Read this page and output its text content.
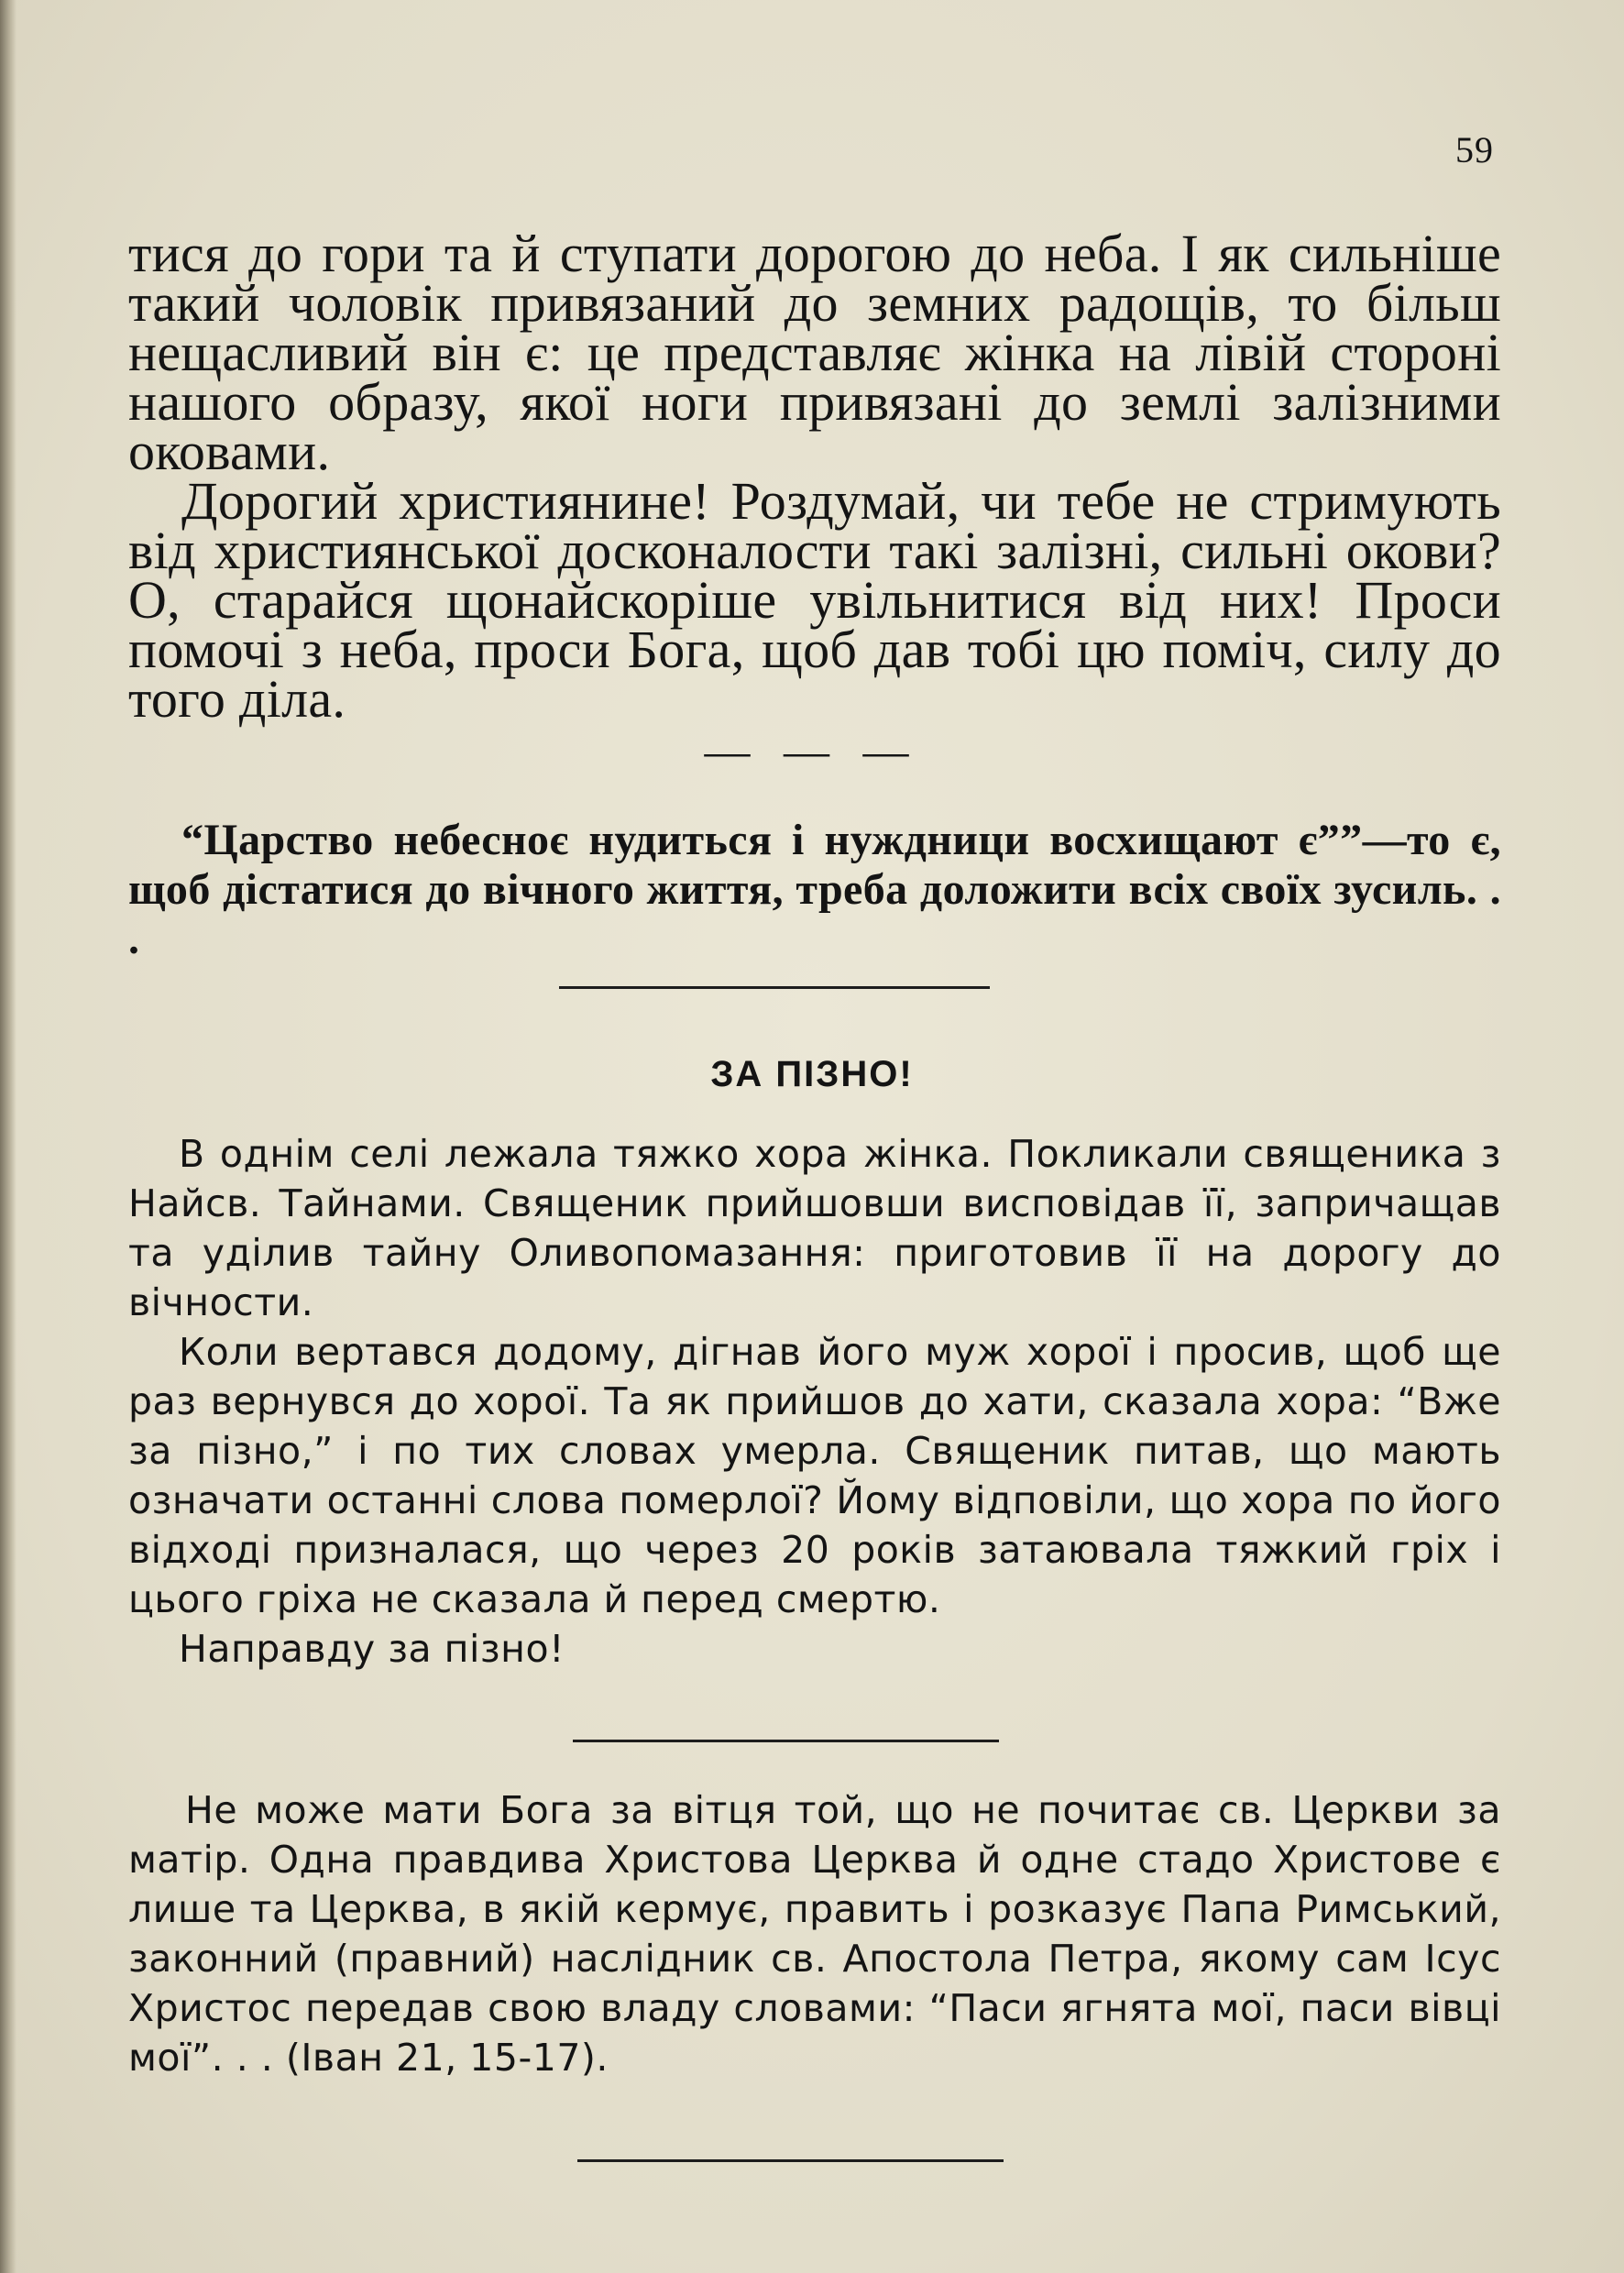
59

тися до гори та й ступати дорогою до неба. І як сильніше такий чоловік привязаний до земних радощів, то більш нещасливий він є: це представляє жінка на лівій стороні нашого образу, якої ноги привязані до землі залізними оковами.

Дорогий християнине! Роздумай, чи тебе не стримують від християнської досконалости такі залізні, сильні окови? О, старайся щонайскоріше увільнитися від них! Проси помочі з неба, проси Бога, щоб дав тобі цю поміч, силу до того діла.

— — —

“Царство небеснoє нудиться і нуждници восхищают є””—то є, щоб дістатися до вічного життя, треба доложити всіх своїх зусиль. . .

ЗА ПІЗНО!

В однім селі лежала тяжко хора жінка. Покликали священика з Найсв. Тайнами. Священик прийшовши висповідав її, запричащав та уділив тайну Оливопомазання: приготовив її на дорогу до вічности.

Коли вертався додому, дігнав його муж хорої і просив, щоб ще раз вернувся до хорої. Та як прийшов до хати, сказала хора: “Вже за пізно,” і по тих словах умерла. Священик питав, що мають означати останні слова померлої? Йому відповіли, що хора по його відході призналася, що через 20 років затаювала тяжкий гріх і цього гріха не сказала й перед смертю.

Направду за пізно!

Не може мати Бога за вітця той, що не почитає св. Церкви за матір. Одна правдива Христова Церква й одне стадо Христове є лише та Церква, в якій кермує, править і розказує Папа Римський, законний (правний) наслідник св. Апостола Петра, якому сам Ісус Христос передав свою владу словами: “Паси ягнята мої, паси вівці мої”. . . (Іван 21, 15-17).
